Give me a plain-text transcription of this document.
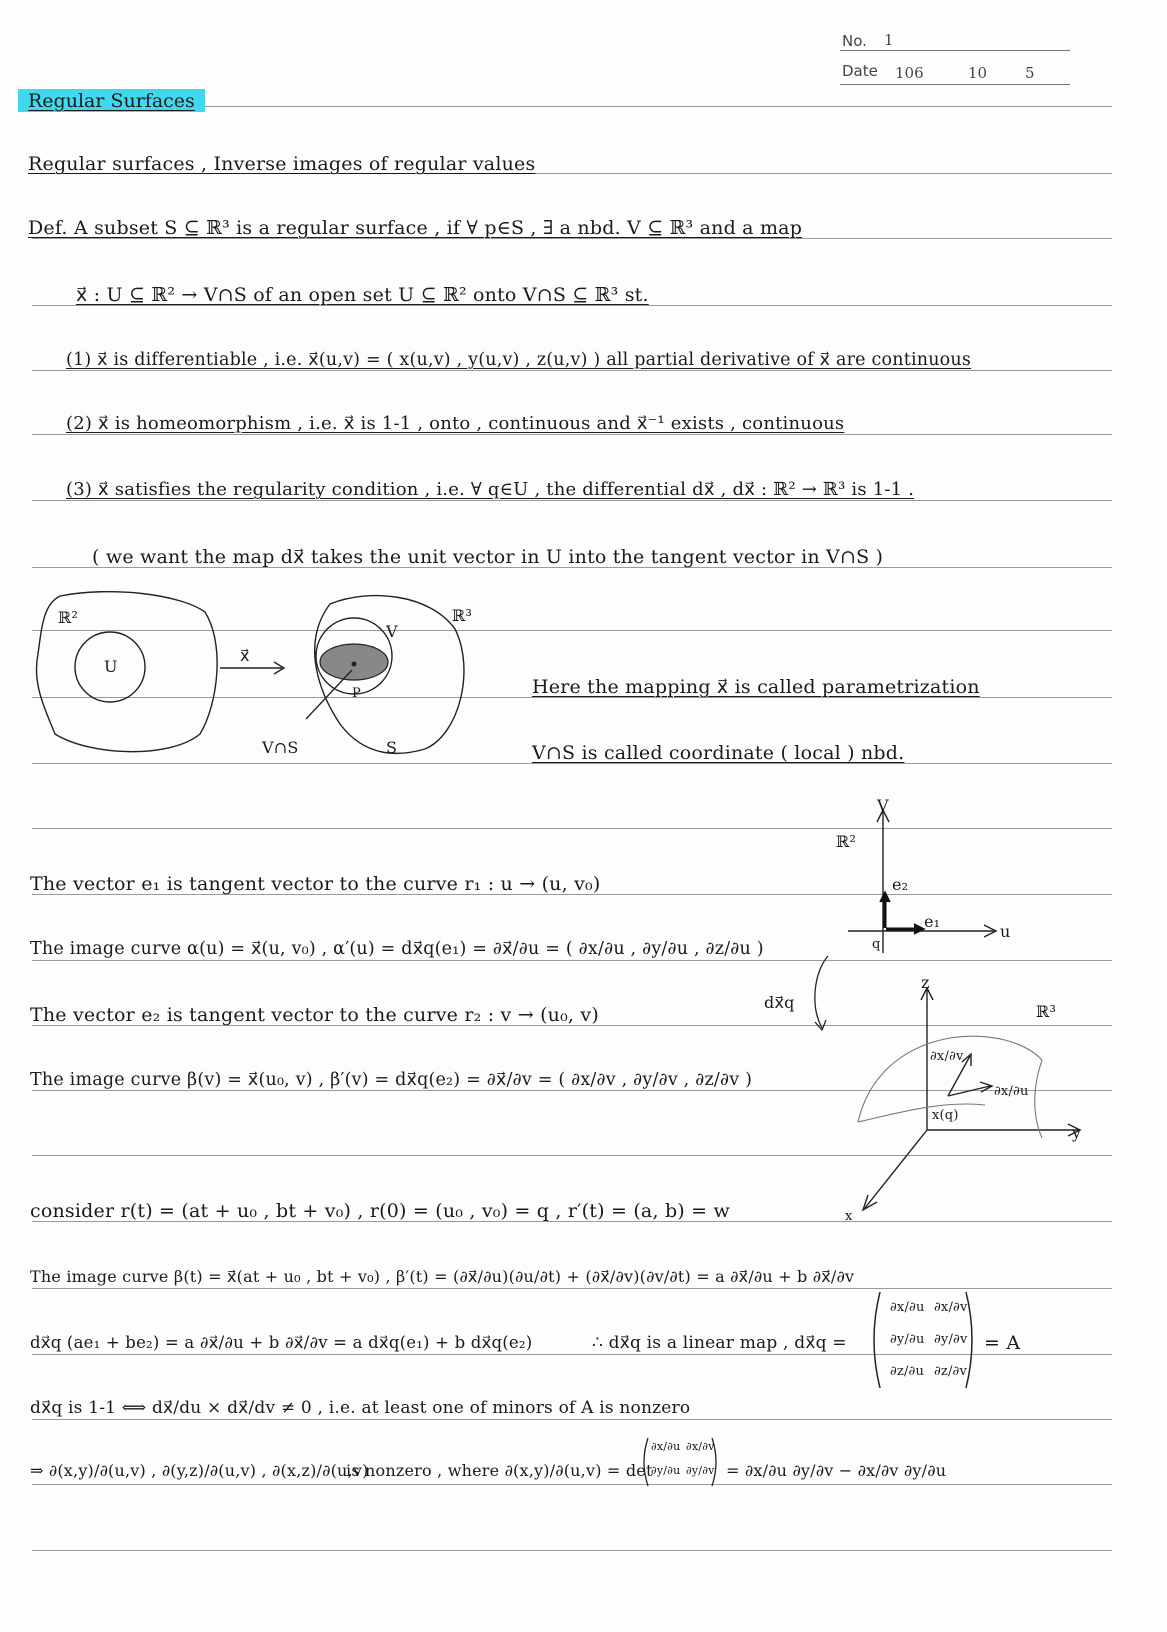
No. 1
Date 106	10	5
Regular Surfaces
Regular surfaces , Inverse images of regular values
Def. A subset S ⊆ ℝ³ is a regular surface , if ∀ p∈S , ∃ a nbd. V ⊆ ℝ³ and a map
x⃗ : U ⊆ ℝ² → V∩S of an open set U ⊆ ℝ² onto V∩S ⊆ ℝ³ st.
(1) x⃗ is differentiable , i.e. x⃗(u,v) = ( x(u,v) , y(u,v) , z(u,v) ) all partial derivative of x⃗ are continuous
(2) x⃗ is homeomorphism , i.e. x⃗ is 1-1 , onto , continuous and x⃗⁻¹ exists , continuous
(3) x⃗ satisfies the regularity condition , i.e. ∀ q∈U , the differential dx⃗ , dx⃗ : ℝ² → ℝ³ is 1-1 .
( we want the map dx⃗ takes the unit vector in U into the tangent vector in V∩S )
Here the mapping x⃗ is called parametrization
V∩S is called coordinate ( local ) nbd.
The vector e₁ is tangent vector to the curve r₁ : u → (u, v₀)
The image curve α(u) = x⃗(u, v₀) , α′(u) = dx⃗q(e₁) = ∂x⃗/∂u = ( ∂x/∂u , ∂y/∂u , ∂z/∂u )
The vector e₂ is tangent vector to the curve r₂ : v → (u₀, v)
The image curve β(v) = x⃗(u₀, v) , β′(v) = dx⃗q(e₂) = ∂x⃗/∂v = ( ∂x/∂v , ∂y/∂v , ∂z/∂v )
consider r(t) = (at + u₀ , bt + v₀) , r(0) = (u₀ , v₀) = q , r′(t) = (a, b) = w
The image curve β(t) = x⃗(at + u₀ , bt + v₀) , β′(t) = (∂x⃗/∂u)(∂u/∂t) + (∂x⃗/∂v)(∂v/∂t) = a ∂x⃗/∂u + b ∂x⃗/∂v
dx⃗q (ae₁ + be₂) = a ∂x⃗/∂u + b ∂x⃗/∂v = a dx⃗q(e₁) + b dx⃗q(e₂)	∴ dx⃗q is a linear map , dx⃗q =
∂x/∂u ∂x/∂v
∂y/∂u ∂y/∂v
∂z/∂u ∂z/∂v
= A
dx⃗q is 1-1 ⟺ dx⃗/du × dx⃗/dv ≠ 0 , i.e. at least one of minors of A is nonzero
⇒ ∂(x,y)/∂(u,v) , ∂(y,z)/∂(u,v) , ∂(x,z)/∂(u,v)
is nonzero , where ∂(x,y)/∂(u,v) = det
∂x/∂u ∂x/∂v
∂y/∂u ∂y/∂v = ∂x/∂u ∂y/∂v − ∂x/∂v ∂y/∂u
ℝ²
U
x⃗
V
ℝ³
P
V∩S	S
V
ℝ²
e₂
e₁
u
q
dx⃗q
z
ℝ³
∂x/∂v
∂x/∂u
x(q)
y
x
